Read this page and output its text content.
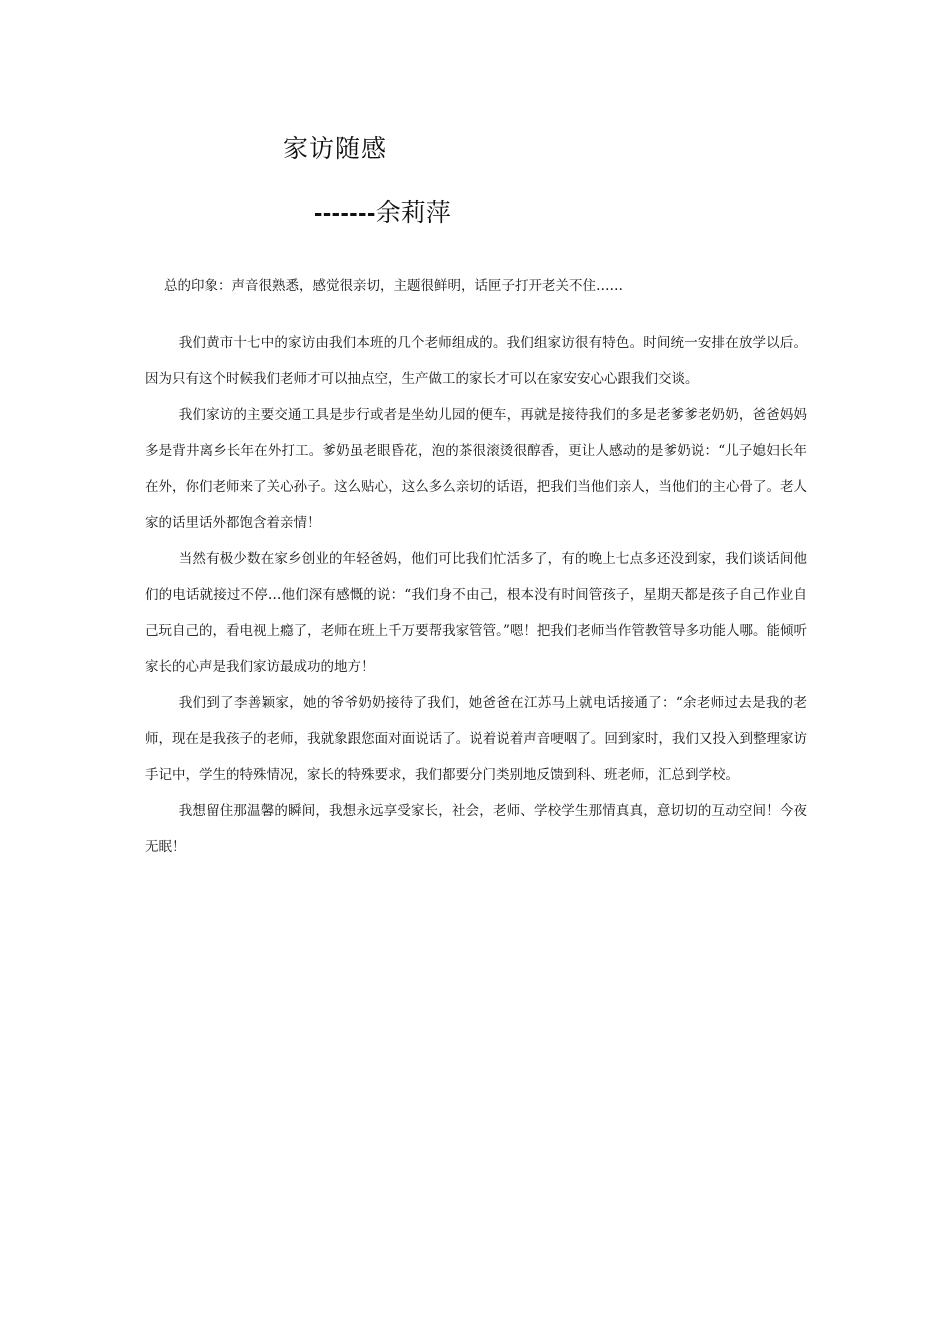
家访随感
-------余莉萍
总的印象：声音很熟悉，感觉很亲切，主题很鲜明，话匣子打开老关不住……

我们黄市十七中的家访由我们本班的几个老师组成的。我们组家访很有特色。时间统一安排在放学以后。因为只有这个时候我们老师才可以抽点空，生产做工的家长才可以在家安安心心跟我们交谈。

我们家访的主要交通工具是步行或者是坐幼儿园的便车，再就是接待我们的多是老爹爹老奶奶，爸爸妈妈多是背井离乡长年在外打工。爹奶虽老眼昏花，泡的茶很滚烫很醇香，更让人感动的是爹奶说：“儿子媳妇长年在外，你们老师来了关心孙子。这么贴心，这么多么亲切的话语，把我们当他们亲人，当他们的主心骨了。老人家的话里话外都饱含着亲情！

当然有极少数在家乡创业的年轻爸妈，他们可比我们忙活多了，有的晚上七点多还没到家，我们谈话间他们的电话就接过不停…他们深有感慨的说：“我们身不由己，根本没有时间管孩子，星期天都是孩子自己作业自己玩自己的，看电视上瘾了，老师在班上千万要帮我家管管。”嗯！把我们老师当作管教管导多功能人哪。能倾听家长的心声是我们家访最成功的地方！

我们到了李善颖家，她的爷爷奶奶接待了我们，她爸爸在江苏马上就电话接通了：“余老师过去是我的老师，现在是我孩子的老师，我就象跟您面对面说话了。说着说着声音哽咽了。回到家时，我们又投入到整理家访手记中，学生的特殊情况，家长的特殊要求，我们都要分门类别地反馈到科、班老师，汇总到学校。

我想留住那温馨的瞬间，我想永远享受家长，社会，老师、学校学生那情真真，意切切的互动空间！今夜无眠！
